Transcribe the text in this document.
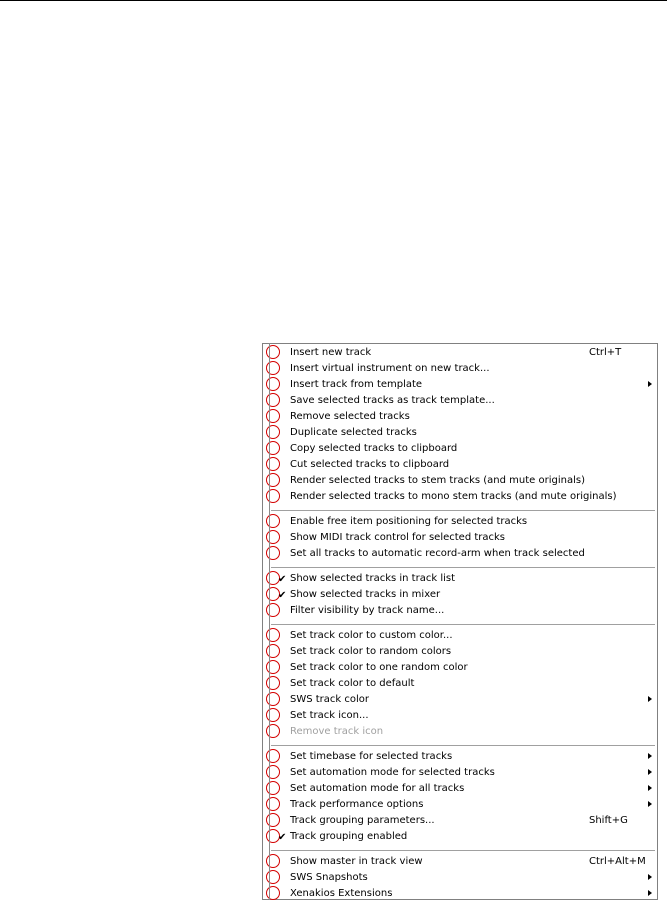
Insert new track	Ctrl+T
Insert virtual instrument on new track...
Insert track from template
Save selected tracks as track template...
Remove selected tracks
Duplicate selected tracks
Copy selected tracks to clipboard
Cut selected tracks to clipboard
Render selected tracks to stem tracks (and mute originals)
Render selected tracks to mono stem tracks (and mute originals)
Enable free item positioning for selected tracks
Show MIDI track control for selected tracks
Set all tracks to automatic record-arm when track selected
✔ Show selected tracks in track list
✔ Show selected tracks in mixer
Filter visibility by track name...
Set track color to custom color...
Set track color to random colors
Set track color to one random color
Set track color to default
SWS track color
Set track icon...
Remove track icon
Set timebase for selected tracks
Set automation mode for selected tracks
Set automation mode for all tracks
Track performance options
Track grouping parameters...	Shift+G
✔ Track grouping enabled
Show master in track view	Ctrl+Alt+M
SWS Snapshots
Xenakios Extensions
